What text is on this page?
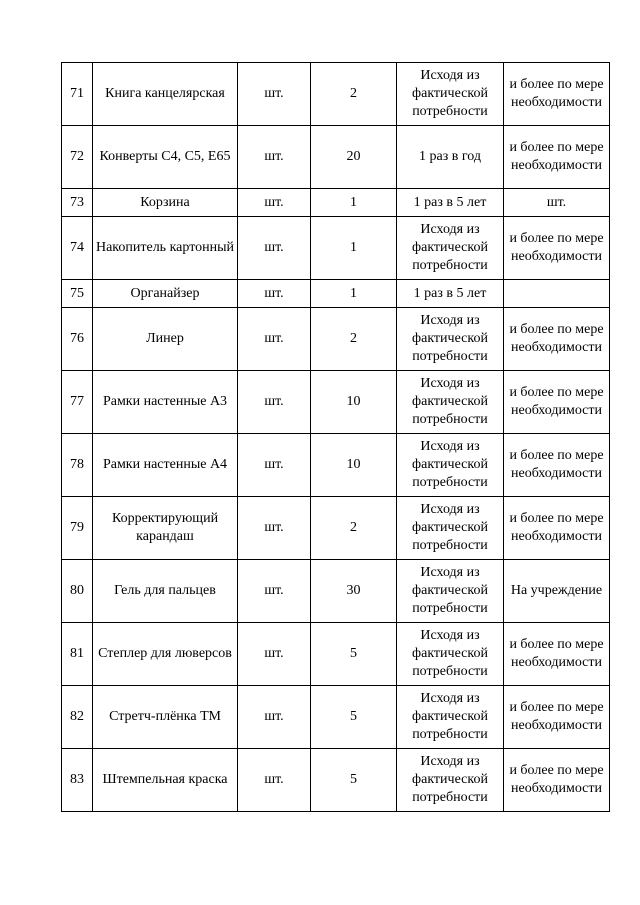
71	Книга канцелярская	шт.	2	Исходя из фактической потребности	и более по мере необходимости
72	Конверты С4, С5, Е65	шт.	20	1 раз в год	и более по мере необходимости
73	Корзина	шт.	1	1 раз в 5 лет	шт.
74	Накопитель картонный	шт.	1	Исходя из фактической потребности	и более по мере необходимости
75	Органайзер	шт.	1	1 раз в 5 лет	
76	Линер	шт.	2	Исходя из фактической потребности	и более по мере необходимости
77	Рамки настенные А3	шт.	10	Исходя из фактической потребности	и более по мере необходимости
78	Рамки настенные А4	шт.	10	Исходя из фактической потребности	и более по мере необходимости
79	Корректирующий карандаш	шт.	2	Исходя из фактической потребности	и более по мере необходимости
80	Гель для пальцев	шт.	30	Исходя из фактической потребности	На учреждение
81	Степлер для люверсов	шт.	5	Исходя из фактической потребности	и более по мере необходимости
82	Стретч-плёнка ТМ	шт.	5	Исходя из фактической потребности	и более по мере необходимости
83	Штемпельная краска	шт.	5	Исходя из фактической потребности	и более по мере необходимости
